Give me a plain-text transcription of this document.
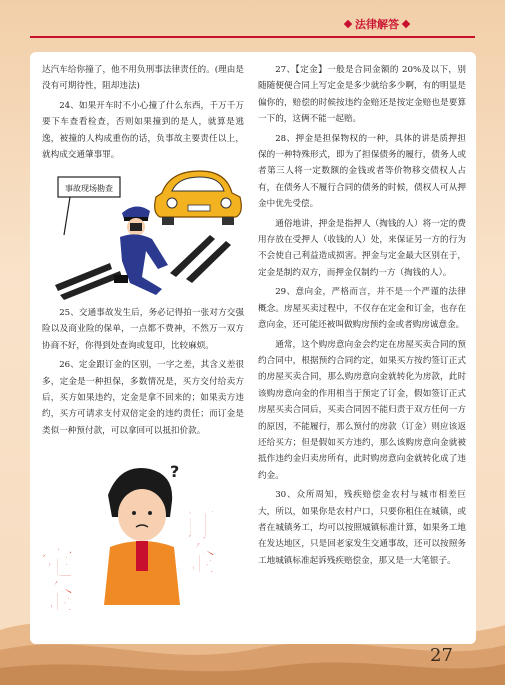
法律解答

达汽车给你撞了，他不用负刑事法律责任的。(理由是没有可期待性，阻却违法)

24、如果开车时不小心撞了什么东西，千万千万要下车查看检查，否则如果撞到的是人，就算是逃逸，被撞的人构成重伤的话，负事故主要责任以上，就构成交通肇事罪。

事故现场勘查

25、交通事故发生后，务必记得拍一张对方交强险以及商业险的保单，一点都不费神，不然万一双方协商不好，你得到处查询或复印，比较麻烦。

26、定金跟订金的区别，一字之差，其含义差很多，定金是一种担保，多数情况是，买方交付给卖方后，买方如果违约，定金是拿不回来的；如果卖方违约，买方可请求支付双倍定金的违约责任；而订金是类似一种预付款，可以拿回可以抵扣价款。

?
定金
订金

27、【定金】一般是合同金额的 20%及以下，别随随便便合同上写定金是多少就给多少啊，有的明显是偏你的，赔偿的时候按违约金赔还是按定金赔也是要算一下的，这俩不能一起赔。

28、押金是担保物权的一种，具体的讲是质押担保的一种特殊形式，即为了担保债务的履行，债务人或者第三人将一定数额的金钱或者等价物移交债权人占有，在债务人不履行合同的债务的时候，债权人可从押金中优先受偿。

通俗地讲，押金是指押人（掏钱的人）将一定的费用存放在受押人（收钱的人）处，来保证另一方的行为不会使自己利益造成损害。押金与定金最大区别在于，定金是制约双方，而押金仅制约一方（掏钱的人）。

29、意向金，严格而言，并不是一个严谨的法律概念。房屋买卖过程中，不仅存在定金和订金，也存在意向金，还可能还被叫做购房预约金或者购房诚意金。

通常，这个购房意向金会约定在房屋买卖合同的预约合同中，根据预约合同约定，如果买方按约签订正式的房屋买卖合同，那么购房意向金就转化为房款，此时该购房意向金的作用相当于预定了订金，假如签订正式房屋买卖合同后，买卖合同因不能归责于双方任何一方的原因，不能履行，那么预付的房款（订金）则应该返还给买方；但是假如买方违约，那么该购房意向金就被抵作违约金归卖房所有，此时购房意向金就转化成了违约金。

30、众所周知，残疾赔偿金农村与城市相差巨大，所以，如果你是农村户口，只要你租住在城镇，或者在城镇务工，均可以按照城镇标准计算，如果务工地在发达地区，只是回老家发生交通事故，还可以按照务工地城镇标准起诉残疾赔偿金，那又是一大笔银子。

27
